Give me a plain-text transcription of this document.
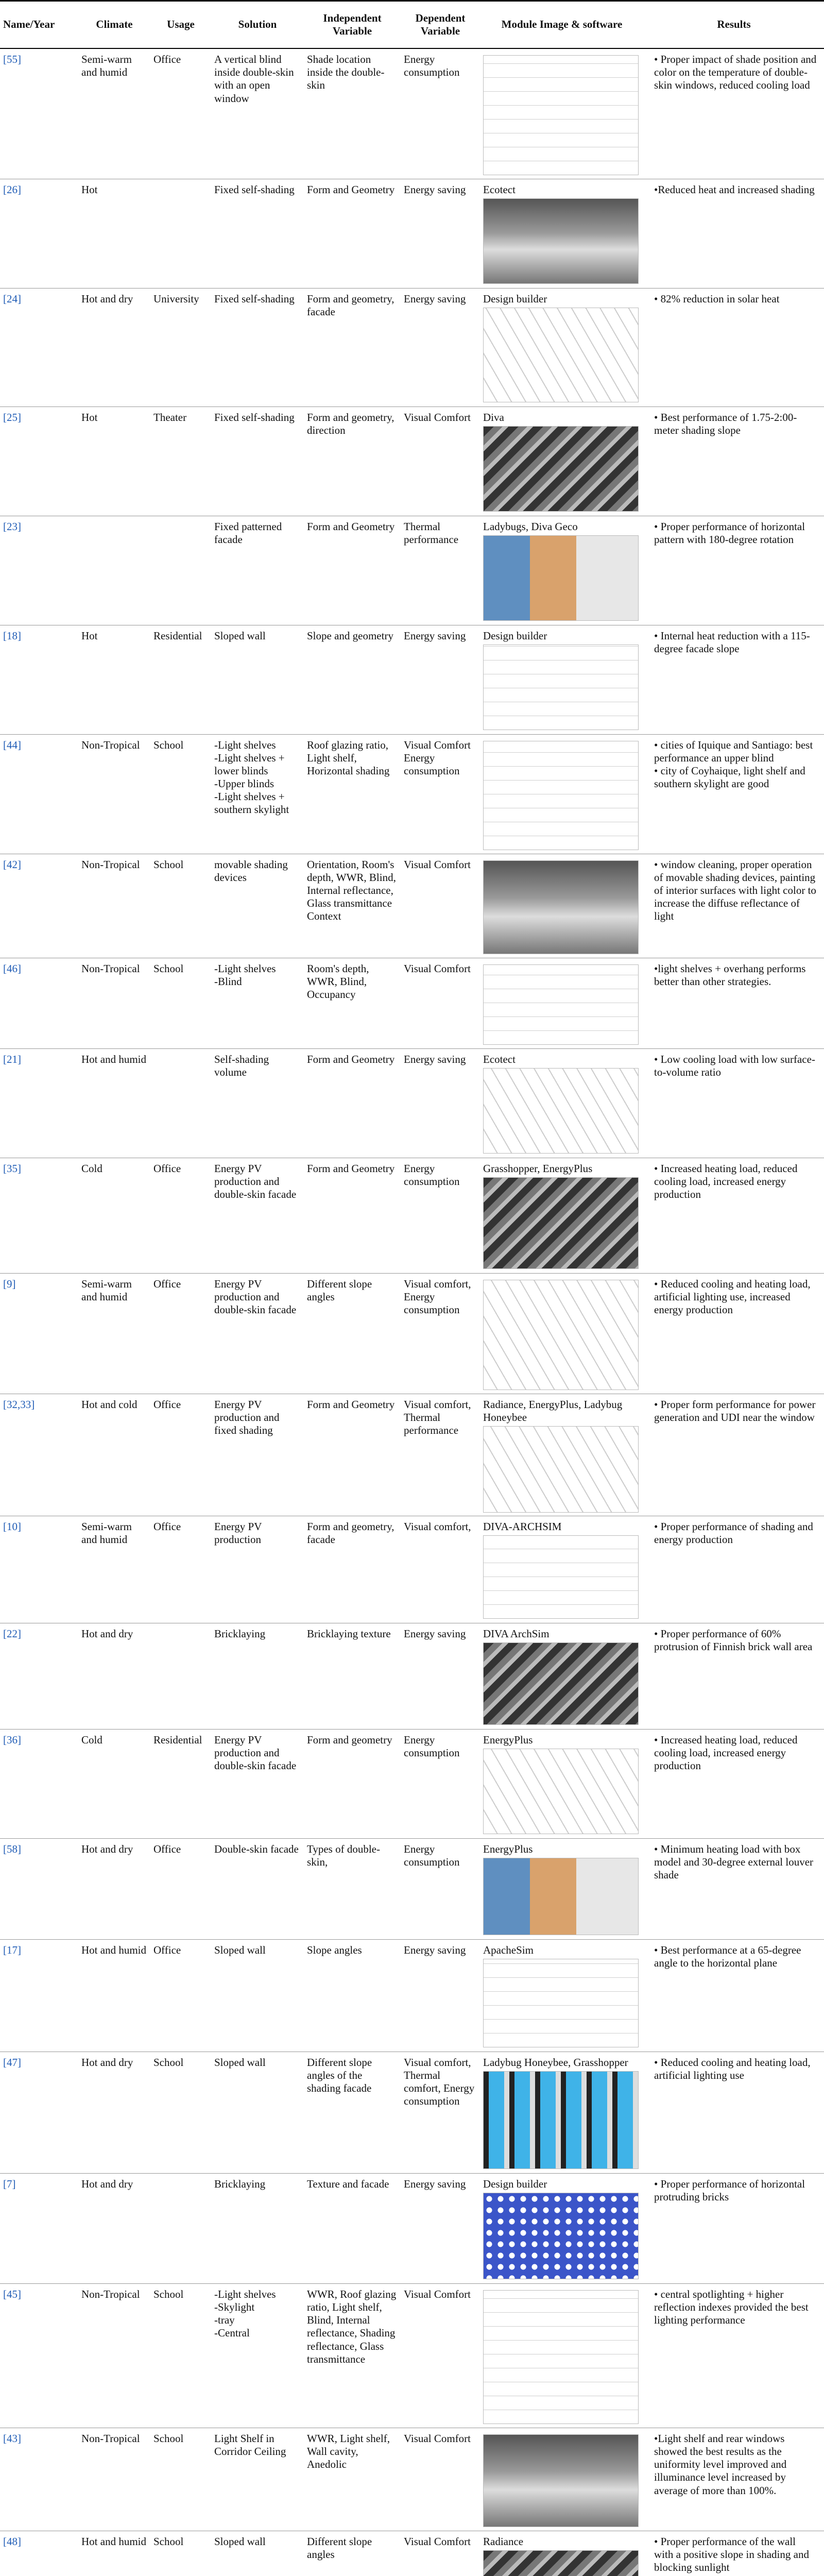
Name/Year	Climate	Usage	Solution	Independent Variable	Dependent Variable	Module Image & software	Results
[55]	Semi-warm and humid	Office	A vertical blind inside double-skin with an open window	Shade location inside the double-skin	Energy consumption		• Proper impact of shade position and color on the temperature of double-skin windows, reduced cooling load

[26]	Hot		Fixed self-shading	Form and Geometry	Energy saving	Ecotect	•Reduced heat and increased shading

[24]	Hot and dry	University	Fixed self-shading	Form and geometry, facade	Energy saving	Design builder	• 82% reduction in solar heat

[25]	Hot	Theater	Fixed self-shading	Form and geometry, direction	Visual Comfort	Diva	• Best performance of 1.75-2:00-meter shading slope

[23]			Fixed patterned facade	Form and Geometry	Thermal performance	Ladybugs, Diva Geco	• Proper performance of horizontal pattern with 180-degree rotation

[18]	Hot	Residential	Sloped wall	Slope and geometry	Energy saving	Design builder	• Internal heat reduction with a 115-degree facade slope

[44]	Non-Tropical	School	-Light shelves
-Light shelves + lower blinds
-Upper blinds
-Light shelves + southern skylight	Roof glazing ratio, Light shelf, Horizontal shading	Visual Comfort
Energy consumption		• cities of Iquique and Santiago: best performance an upper blind
• city of Coyhaique, light shelf and southern skylight are good

[42]	Non-Tropical	School	movable shading devices	Orientation, Room's depth, WWR, Blind, Internal reflectance, Glass transmittance Context	Visual Comfort		• window cleaning, proper operation of movable shading devices, painting of interior surfaces with light color to increase the diffuse reflectance of light

[46]	Non-Tropical	School	-Light shelves
-Blind	Room's depth, WWR, Blind, Occupancy	Visual Comfort		•light shelves + overhang performs better than other strategies.

[21]	Hot and humid		Self-shading volume	Form and Geometry	Energy saving	Ecotect	• Low cooling load with low surface-to-volume ratio

[35]	Cold	Office	Energy PV production and double-skin facade	Form and Geometry	Energy consumption	Grasshopper, EnergyPlus	• Increased heating load, reduced cooling load, increased energy production

[9]	Semi-warm and humid	Office	Energy PV production and double-skin facade	Different slope angles	Visual comfort, Energy consumption		• Reduced cooling and heating load, artificial lighting use, increased energy production

[32,33]	Hot and cold	Office	Energy PV production and fixed shading	Form and Geometry	Visual comfort, Thermal performance	Radiance, EnergyPlus, Ladybug Honeybee	• Proper form performance for power generation and UDI near the window

[10]	Semi-warm and humid	Office	Energy PV production	Form and geometry, facade	Visual comfort,	DIVA-ARCHSIM	• Proper performance of shading and energy production

[22]	Hot and dry		Bricklaying	Bricklaying texture	Energy saving	DIVA ArchSim	• Proper performance of 60% protrusion of Finnish brick wall area

[36]	Cold	Residential	Energy PV production and double-skin facade	Form and geometry	Energy consumption	EnergyPlus	• Increased heating load, reduced cooling load, increased energy production

[58]	Hot and dry	Office	Double-skin facade	Types of double-skin,	Energy consumption	EnergyPlus	• Minimum heating load with box model and 30-degree external louver shade

[17]	Hot and humid	Office	Sloped wall	Slope angles	Energy saving	ApacheSim	• Best performance at a 65-degree angle to the horizontal plane

[47]	Hot and dry	School	Sloped wall	Different slope angles of the shading facade	Visual comfort, Thermal comfort, Energy consumption	Ladybug Honeybee, Grasshopper	• Reduced cooling and heating load, artificial lighting use

[7]	Hot and dry		Bricklaying	Texture and facade	Energy saving	Design builder	• Proper performance of horizontal protruding bricks

[45]	Non-Tropical	School	-Light shelves
-Skylight
-tray
-Central	WWR, Roof glazing ratio, Light shelf, Blind, Internal reflectance, Shading reflectance, Glass transmittance	Visual Comfort		• central spotlighting + higher reflection indexes provided the best lighting performance

[43]	Non-Tropical	School	Light Shelf in Corridor Ceiling	WWR, Light shelf, Wall cavity, Anedolic	Visual Comfort		•Light shelf and rear windows showed the best results as the uniformity level improved and illuminance level increased by average of more than 100%.

[48]	Hot and humid	School	Sloped wall	Different slope angles	Visual Comfort	Radiance	• Proper performance of the wall with a positive slope in shading and blocking sunlight
